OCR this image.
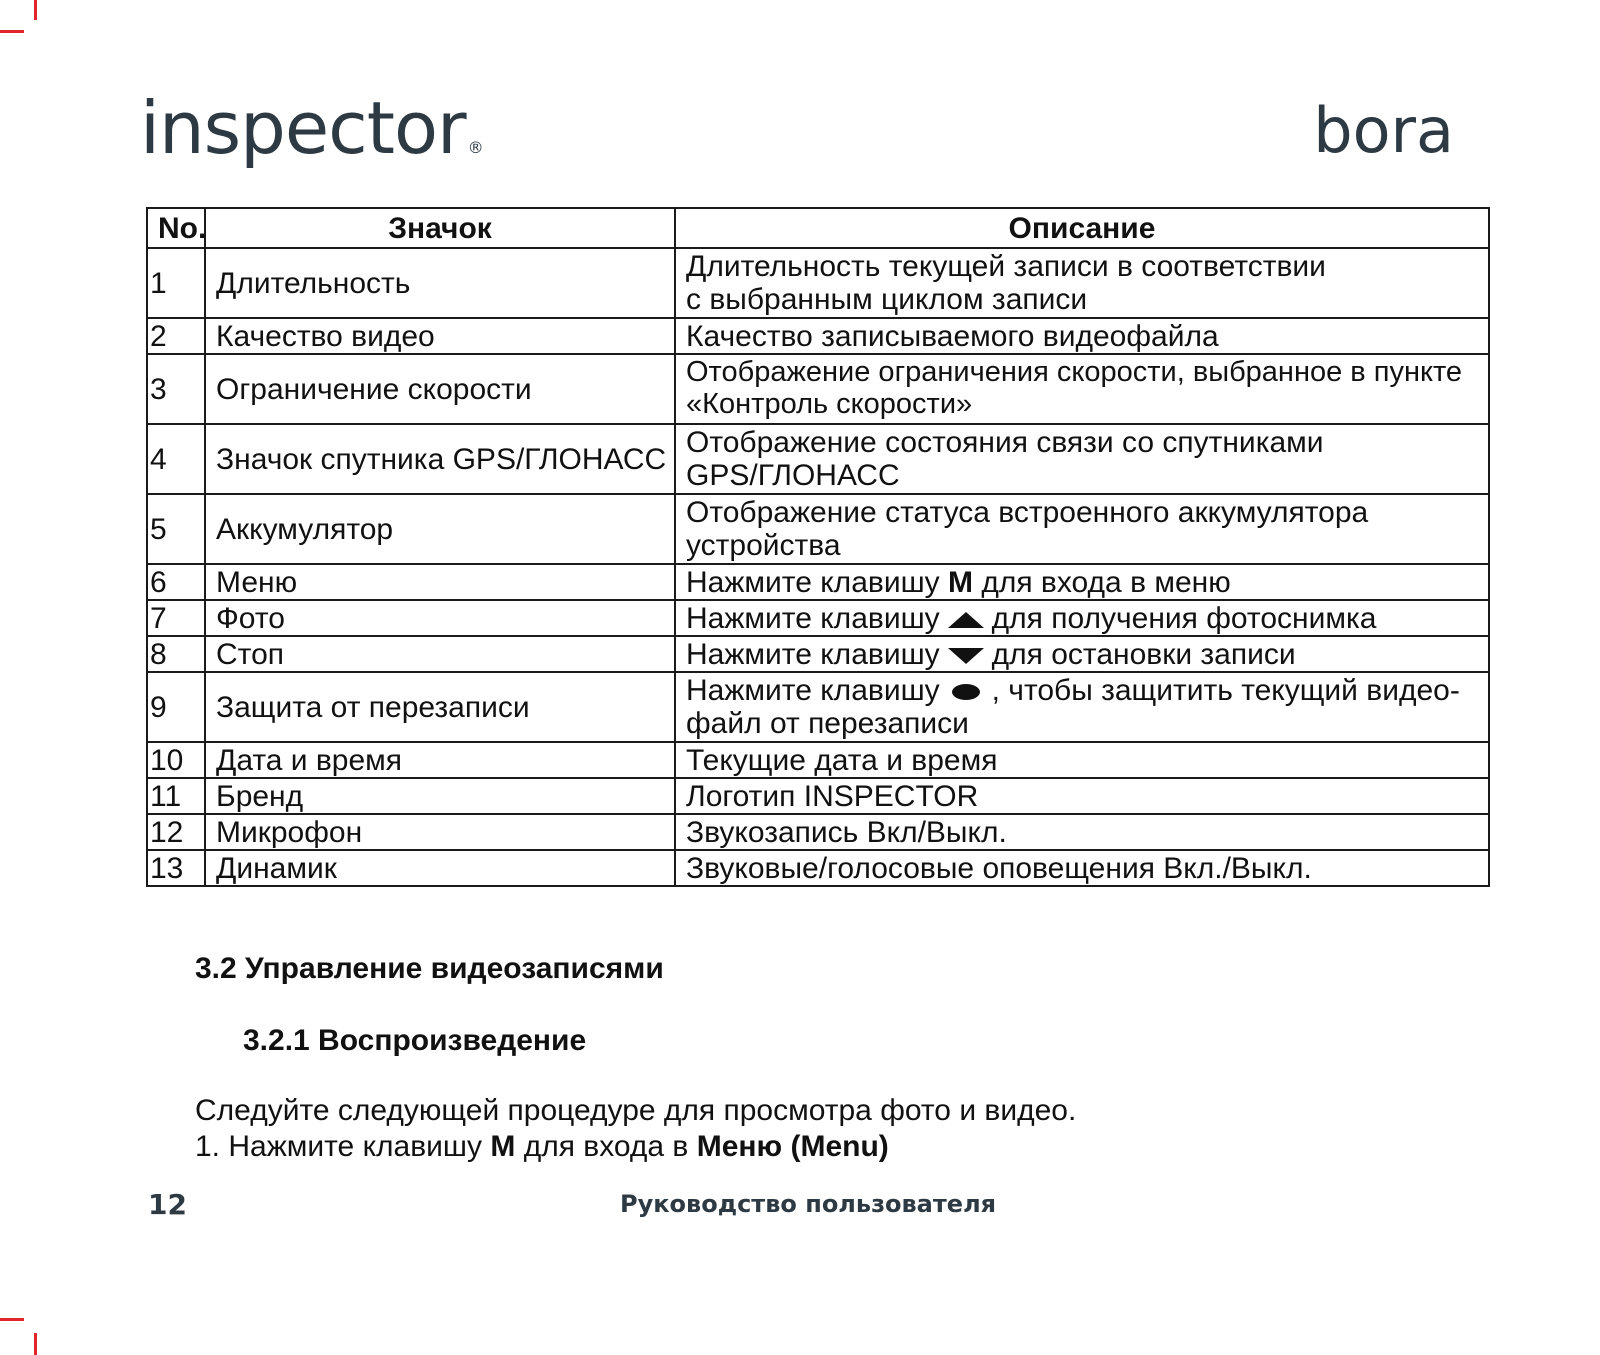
inspector ®	bora
No.	Значок	Описание
1	Длительность	Длительность текущей записи в соответствии
с выбранным циклом записи

2	Качество видео	Качество записываемого видеофайла

3	Ограничение скорости	Отображение ограничения скорости, выбранное в пункте
«Контроль скорости»

4	Значок спутника GPS/ГЛОНАСС	Отображение состояния связи со спутниками
GPS/ГЛОНАСС

5	Аккумулятор	Отображение статуса встроенного аккумулятора
устройства

6	Меню	Нажмите клавишу M для входа в меню
7	Фото	Нажмите клавишу для получения фотоснимка
8	Стоп	Нажмите клавишу для остановки записи
9	Защита от перезаписи	Нажмите клавишу , чтобы защитить текущий видео-
файл от перезаписи

10	Дата и время	Текущие дата и время

11	Бренд	Логотип INSPECTOR

12	Микрофон	Звукозапись Вкл/Выкл.

13	Динамик	Звуковые/голосовые оповещения Вкл./Выкл.
3.2 Управление видеозаписями
3.2.1 Воспроизведение
Следуйте следующей процедуре для просмотра фото и видео.
1. Нажмите клавишу M для входа в Меню (Menu)
12	Руководство пользователя
